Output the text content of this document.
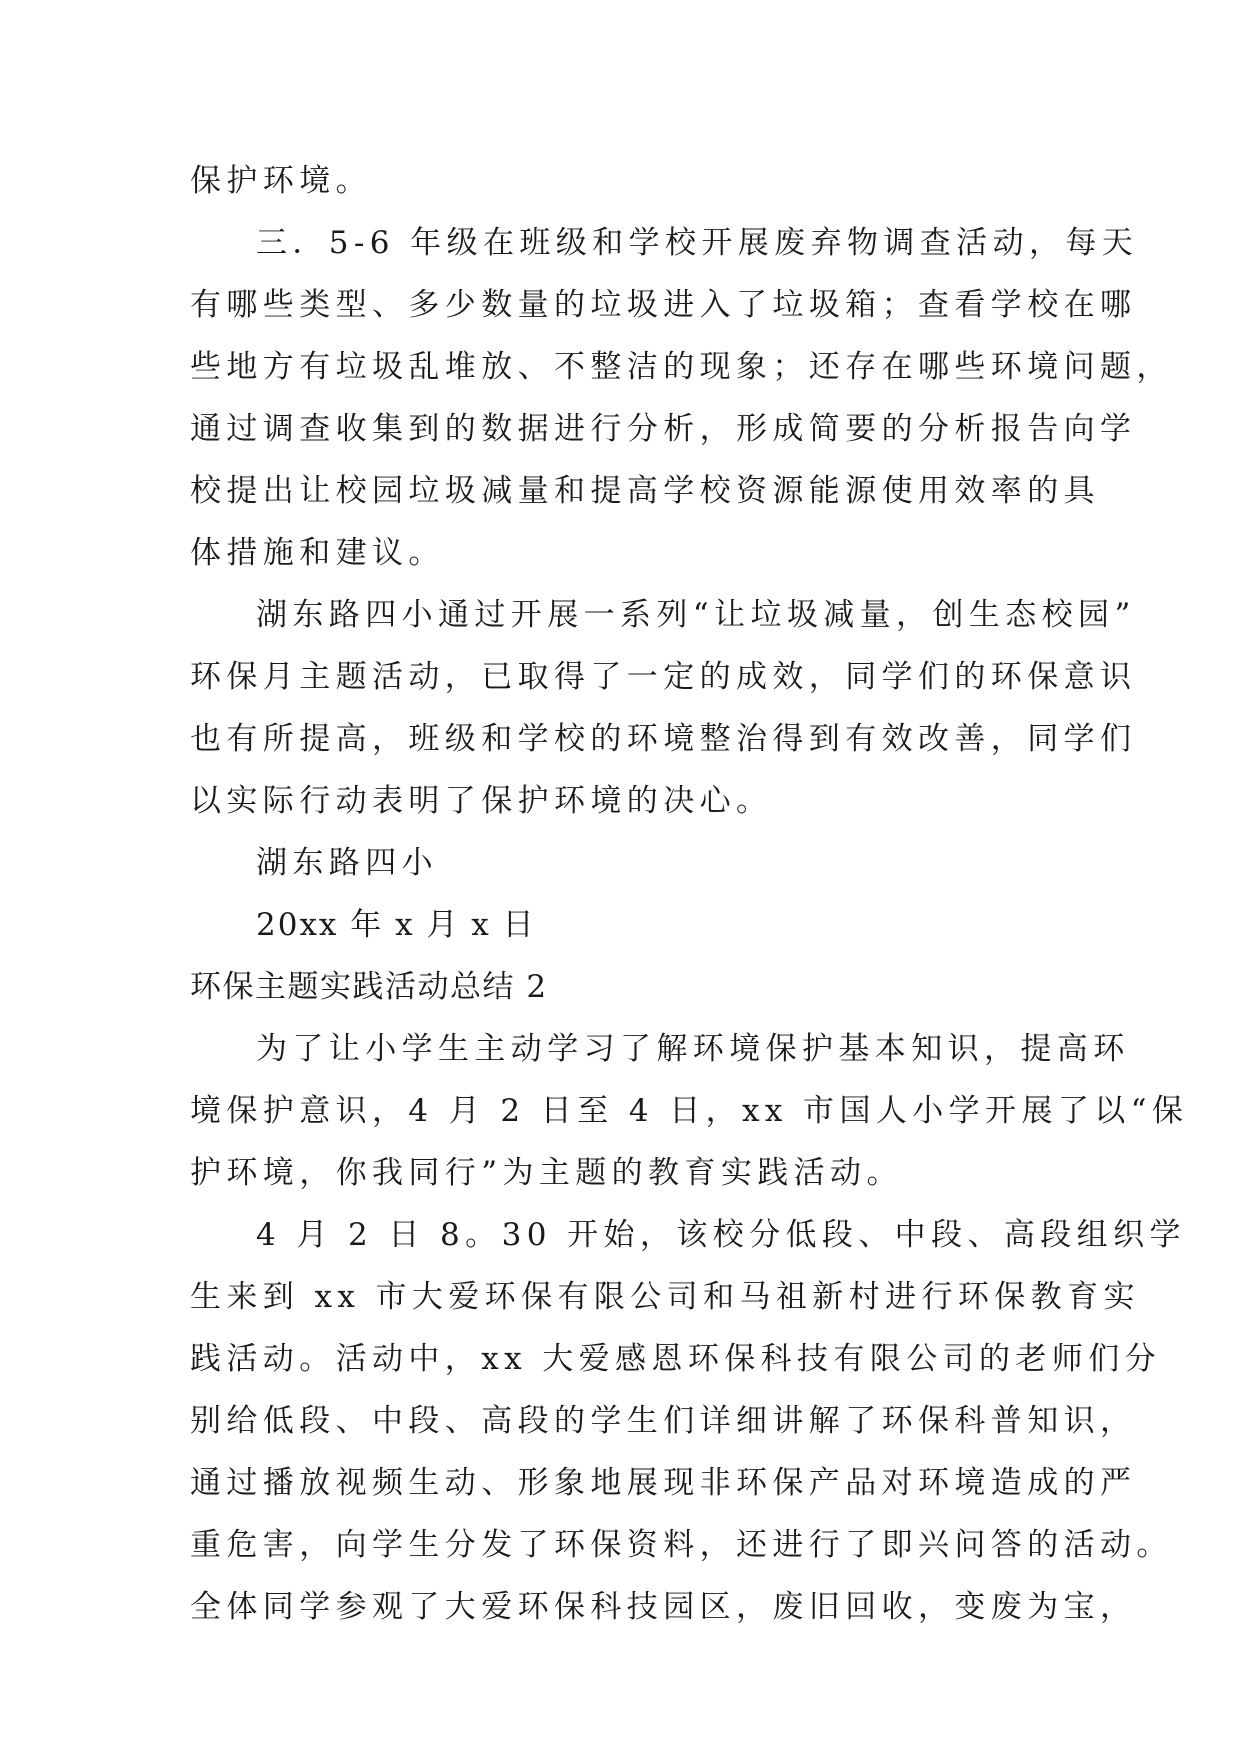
保护环境。

三．5-6 年级在班级和学校开展废弃物调查活动，每天
有哪些类型、多少数量的垃圾进入了垃圾箱；查看学校在哪
些地方有垃圾乱堆放、不整洁的现象；还存在哪些环境问题，
通过调查收集到的数据进行分析，形成简要的分析报告向学
校提出让校园垃圾减量和提高学校资源能源使用效率的具
体措施和建议。

湖东路四小通过开展一系列“让垃圾减量，创生态校园”
环保月主题活动，已取得了一定的成效，同学们的环保意识
也有所提高，班级和学校的环境整治得到有效改善，同学们
以实际行动表明了保护环境的决心。

湖东路四小

20xx 年 x 月 x 日

环保主题实践活动总结 2

为了让小学生主动学习了解环境保护基本知识，提高环
境保护意识，4 月 2 日至 4 日，xx 市国人小学开展了以“保
护环境，你我同行”为主题的教育实践活动。

4 月 2 日 8。30 开始，该校分低段、中段、高段组织学
生来到 xx 市大爱环保有限公司和马祖新村进行环保教育实
践活动。活动中，xx 大爱感恩环保科技有限公司的老师们分
别给低段、中段、高段的学生们详细讲解了环保科普知识，
通过播放视频生动、形象地展现非环保产品对环境造成的严
重危害，向学生分发了环保资料，还进行了即兴问答的活动。
全体同学参观了大爱环保科技园区，废旧回收，变废为宝，
